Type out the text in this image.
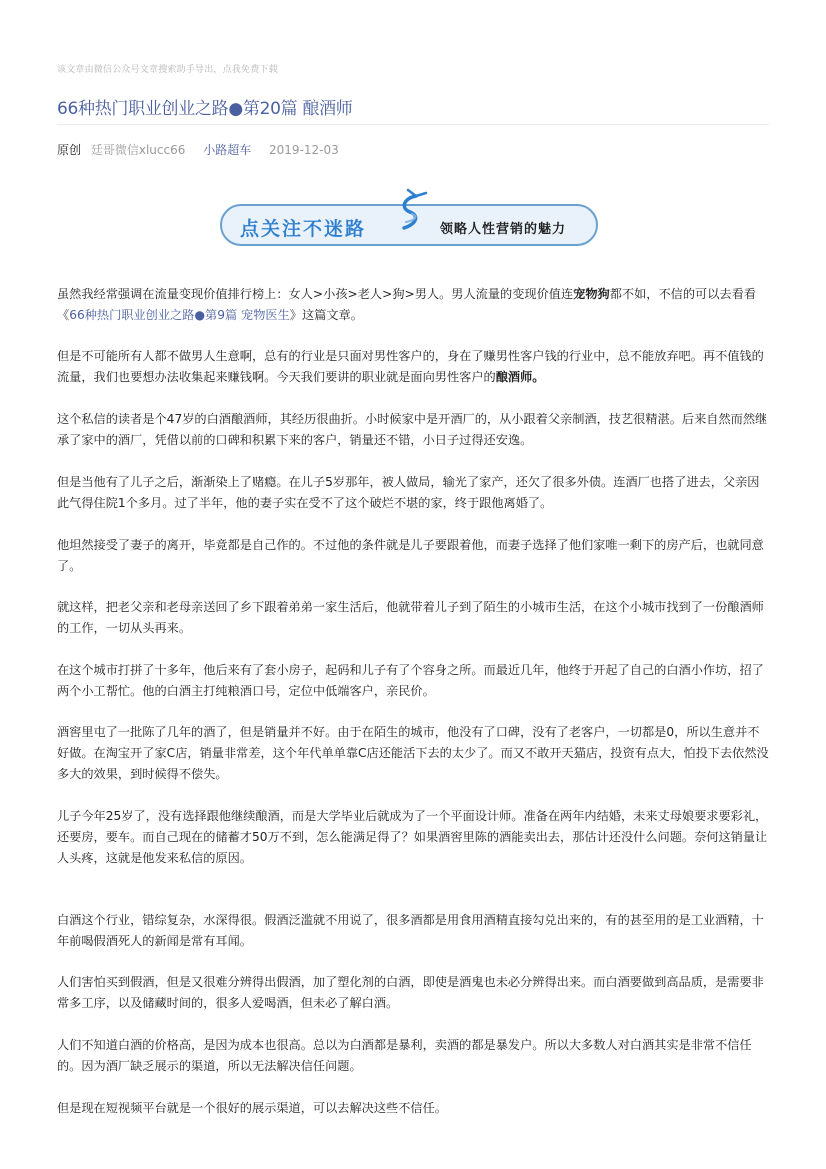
该文章由微信公众号文章搜索助手导出，点我免费下载
66种热门职业创业之路●第20篇 酿酒师
原创 廷哥微信xlucc66 小路超车 2019-12-03
点关注不迷路	领略人性营销的魅力

虽然我经常强调在流量变现价值排行榜上：女人>小孩>老人>狗>男人。男人流量的变现价值连宠物狗都不如，不信的可以去看看《66种热门职业创业之路●第9篇 宠物医生》这篇文章。

但是不可能所有人都不做男人生意啊，总有的行业是只面对男性客户的，身在了赚男性客户钱的行业中，总不能放弃吧。再不值钱的流量，我们也要想办法收集起来赚钱啊。今天我们要讲的职业就是面向男性客户的酿酒师。

这个私信的读者是个47岁的白酒酿酒师，其经历很曲折。小时候家中是开酒厂的，从小跟着父亲制酒，技艺很精湛。后来自然而然继承了家中的酒厂，凭借以前的口碑和积累下来的客户，销量还不错，小日子过得还安逸。

但是当他有了儿子之后，渐渐染上了赌瘾。在儿子5岁那年，被人做局，输光了家产，还欠了很多外债。连酒厂也搭了进去，父亲因此气得住院1个多月。过了半年，他的妻子实在受不了这个破烂不堪的家，终于跟他离婚了。

他坦然接受了妻子的离开，毕竟都是自己作的。不过他的条件就是儿子要跟着他，而妻子选择了他们家唯一剩下的房产后，也就同意了。

就这样，把老父亲和老母亲送回了乡下跟着弟弟一家生活后，他就带着儿子到了陌生的小城市生活，在这个小城市找到了一份酿酒师的工作，一切从头再来。

在这个城市打拼了十多年，他后来有了套小房子，起码和儿子有了个容身之所。而最近几年，他终于开起了自己的白酒小作坊，招了两个小工帮忙。他的白酒主打纯粮酒口号，定位中低端客户，亲民价。

酒窖里屯了一批陈了几年的酒了，但是销量并不好。由于在陌生的城市，他没有了口碑，没有了老客户，一切都是0，所以生意并不好做。在淘宝开了家C店，销量非常差，这个年代单单靠C店还能活下去的太少了。而又不敢开天猫店，投资有点大，怕投下去依然没多大的效果，到时候得不偿失。

儿子今年25岁了，没有选择跟他继续酿酒，而是大学毕业后就成为了一个平面设计师。准备在两年内结婚，未来丈母娘要求要彩礼，还要房，要车。而自己现在的储蓄才50万不到，怎么能满足得了？如果酒窖里陈的酒能卖出去，那估计还没什么问题。奈何这销量让人头疼，这就是他发来私信的原因。

白酒这个行业，错综复杂，水深得很。假酒泛滥就不用说了，很多酒都是用食用酒精直接勾兑出来的，有的甚至用的是工业酒精，十年前喝假酒死人的新闻是常有耳闻。

人们害怕买到假酒，但是又很难分辨得出假酒，加了塑化剂的白酒，即使是酒鬼也未必分辨得出来。而白酒要做到高品质，是需要非常多工序，以及储藏时间的，很多人爱喝酒，但未必了解白酒。

人们不知道白酒的价格高，是因为成本也很高。总以为白酒都是暴利，卖酒的都是暴发户。所以大多数人对白酒其实是非常不信任的。因为酒厂缺乏展示的渠道，所以无法解决信任问题。

但是现在短视频平台就是一个很好的展示渠道，可以去解决这些不信任。
